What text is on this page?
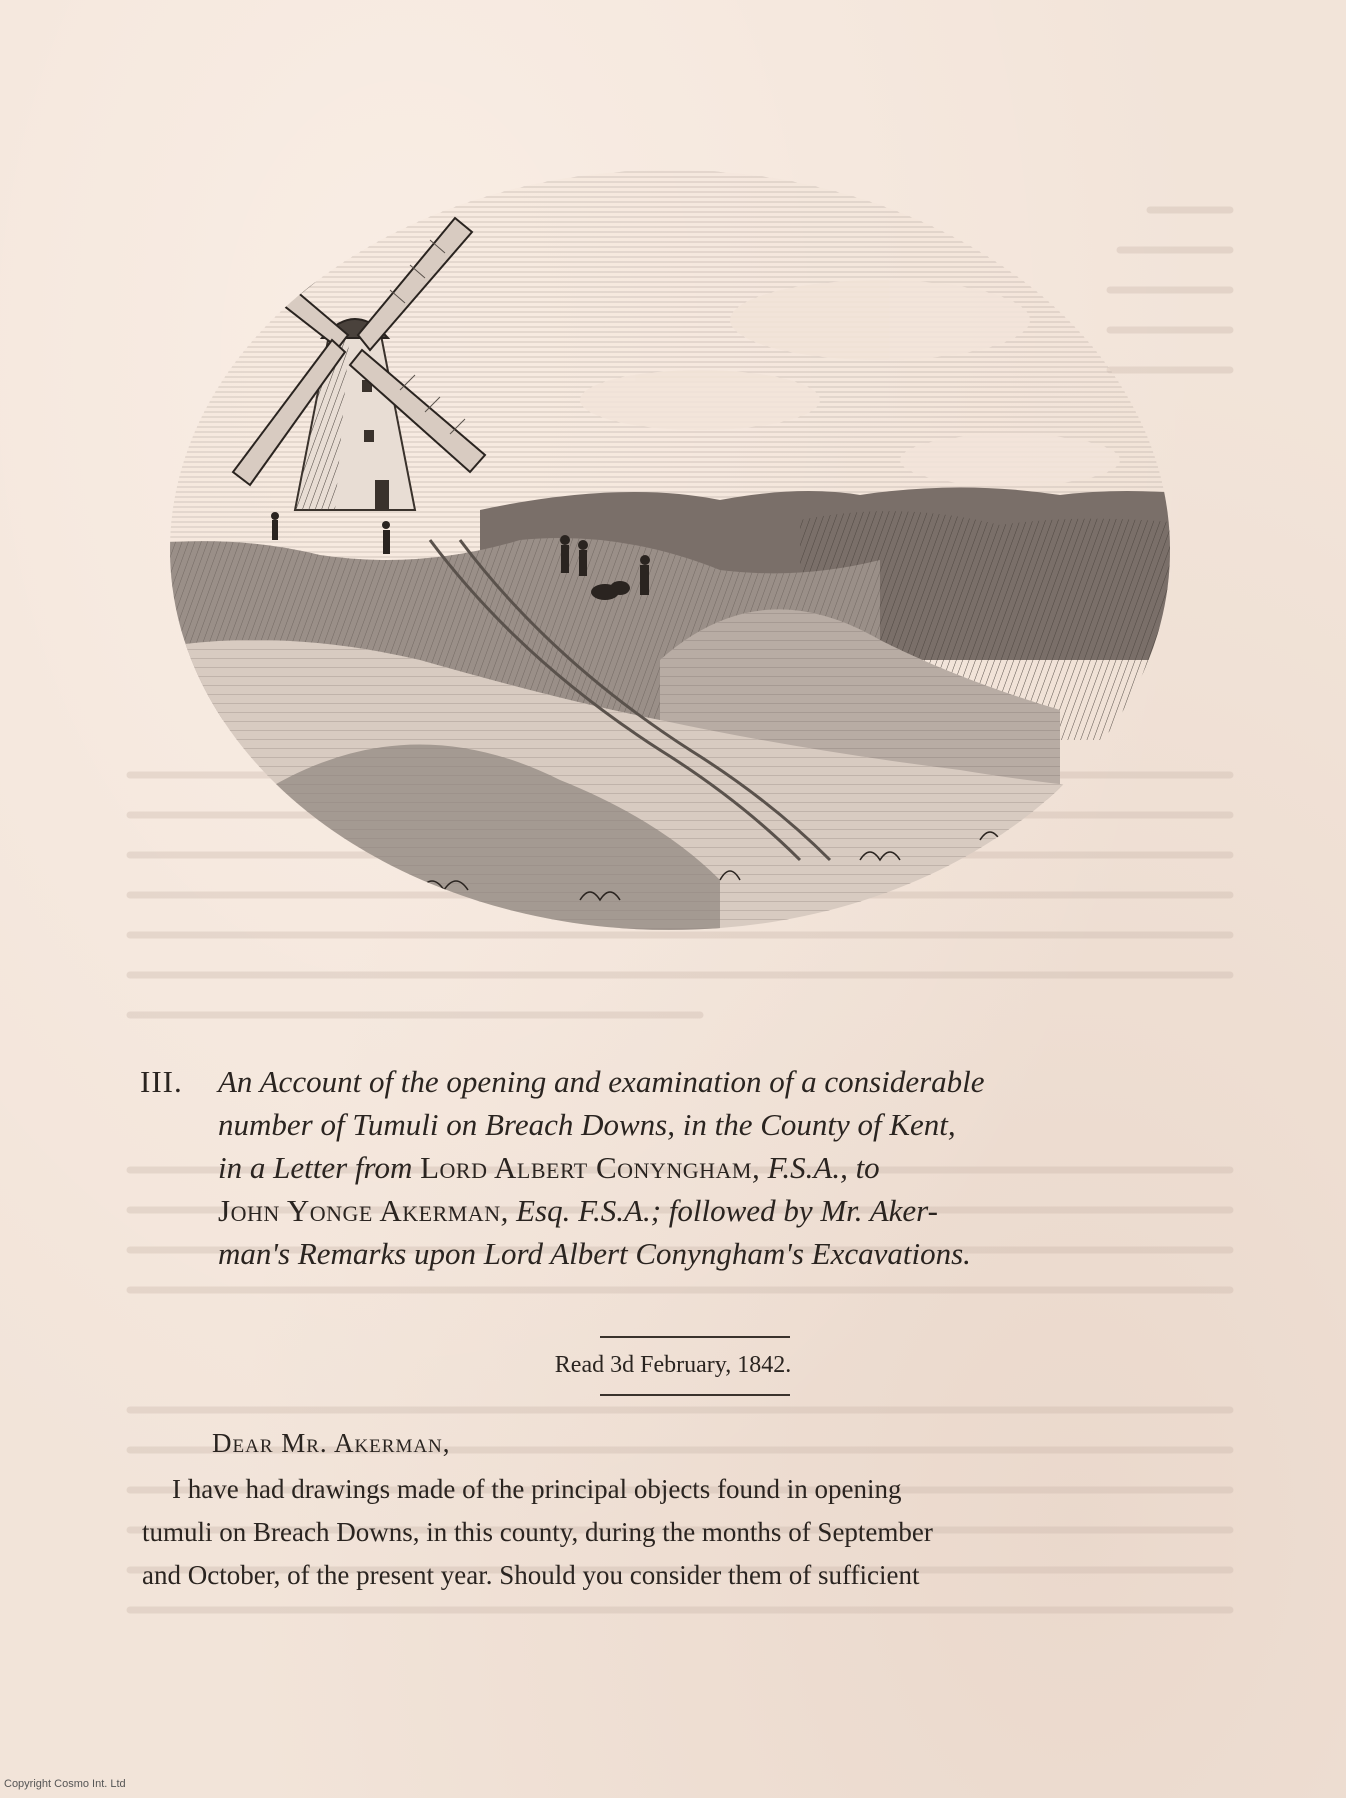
III. An Account of the opening and examination of a considerable
number of Tumuli on Breach Downs, in the County of Kent,
in a Letter from Lord Albert Conyngham, F.S.A., to
John Yonge Akerman, Esq. F.S.A.; followed by Mr. Aker-
man's Remarks upon Lord Albert Conyngham's Excavations.
Read 3d February, 1842.
Dear Mr. Akerman,
I have had drawings made of the principal objects found in opening
tumuli on Breach Downs, in this county, during the months of September
and October, of the present year. Should you consider them of sufficient
Copyright Cosmo Int. Ltd
